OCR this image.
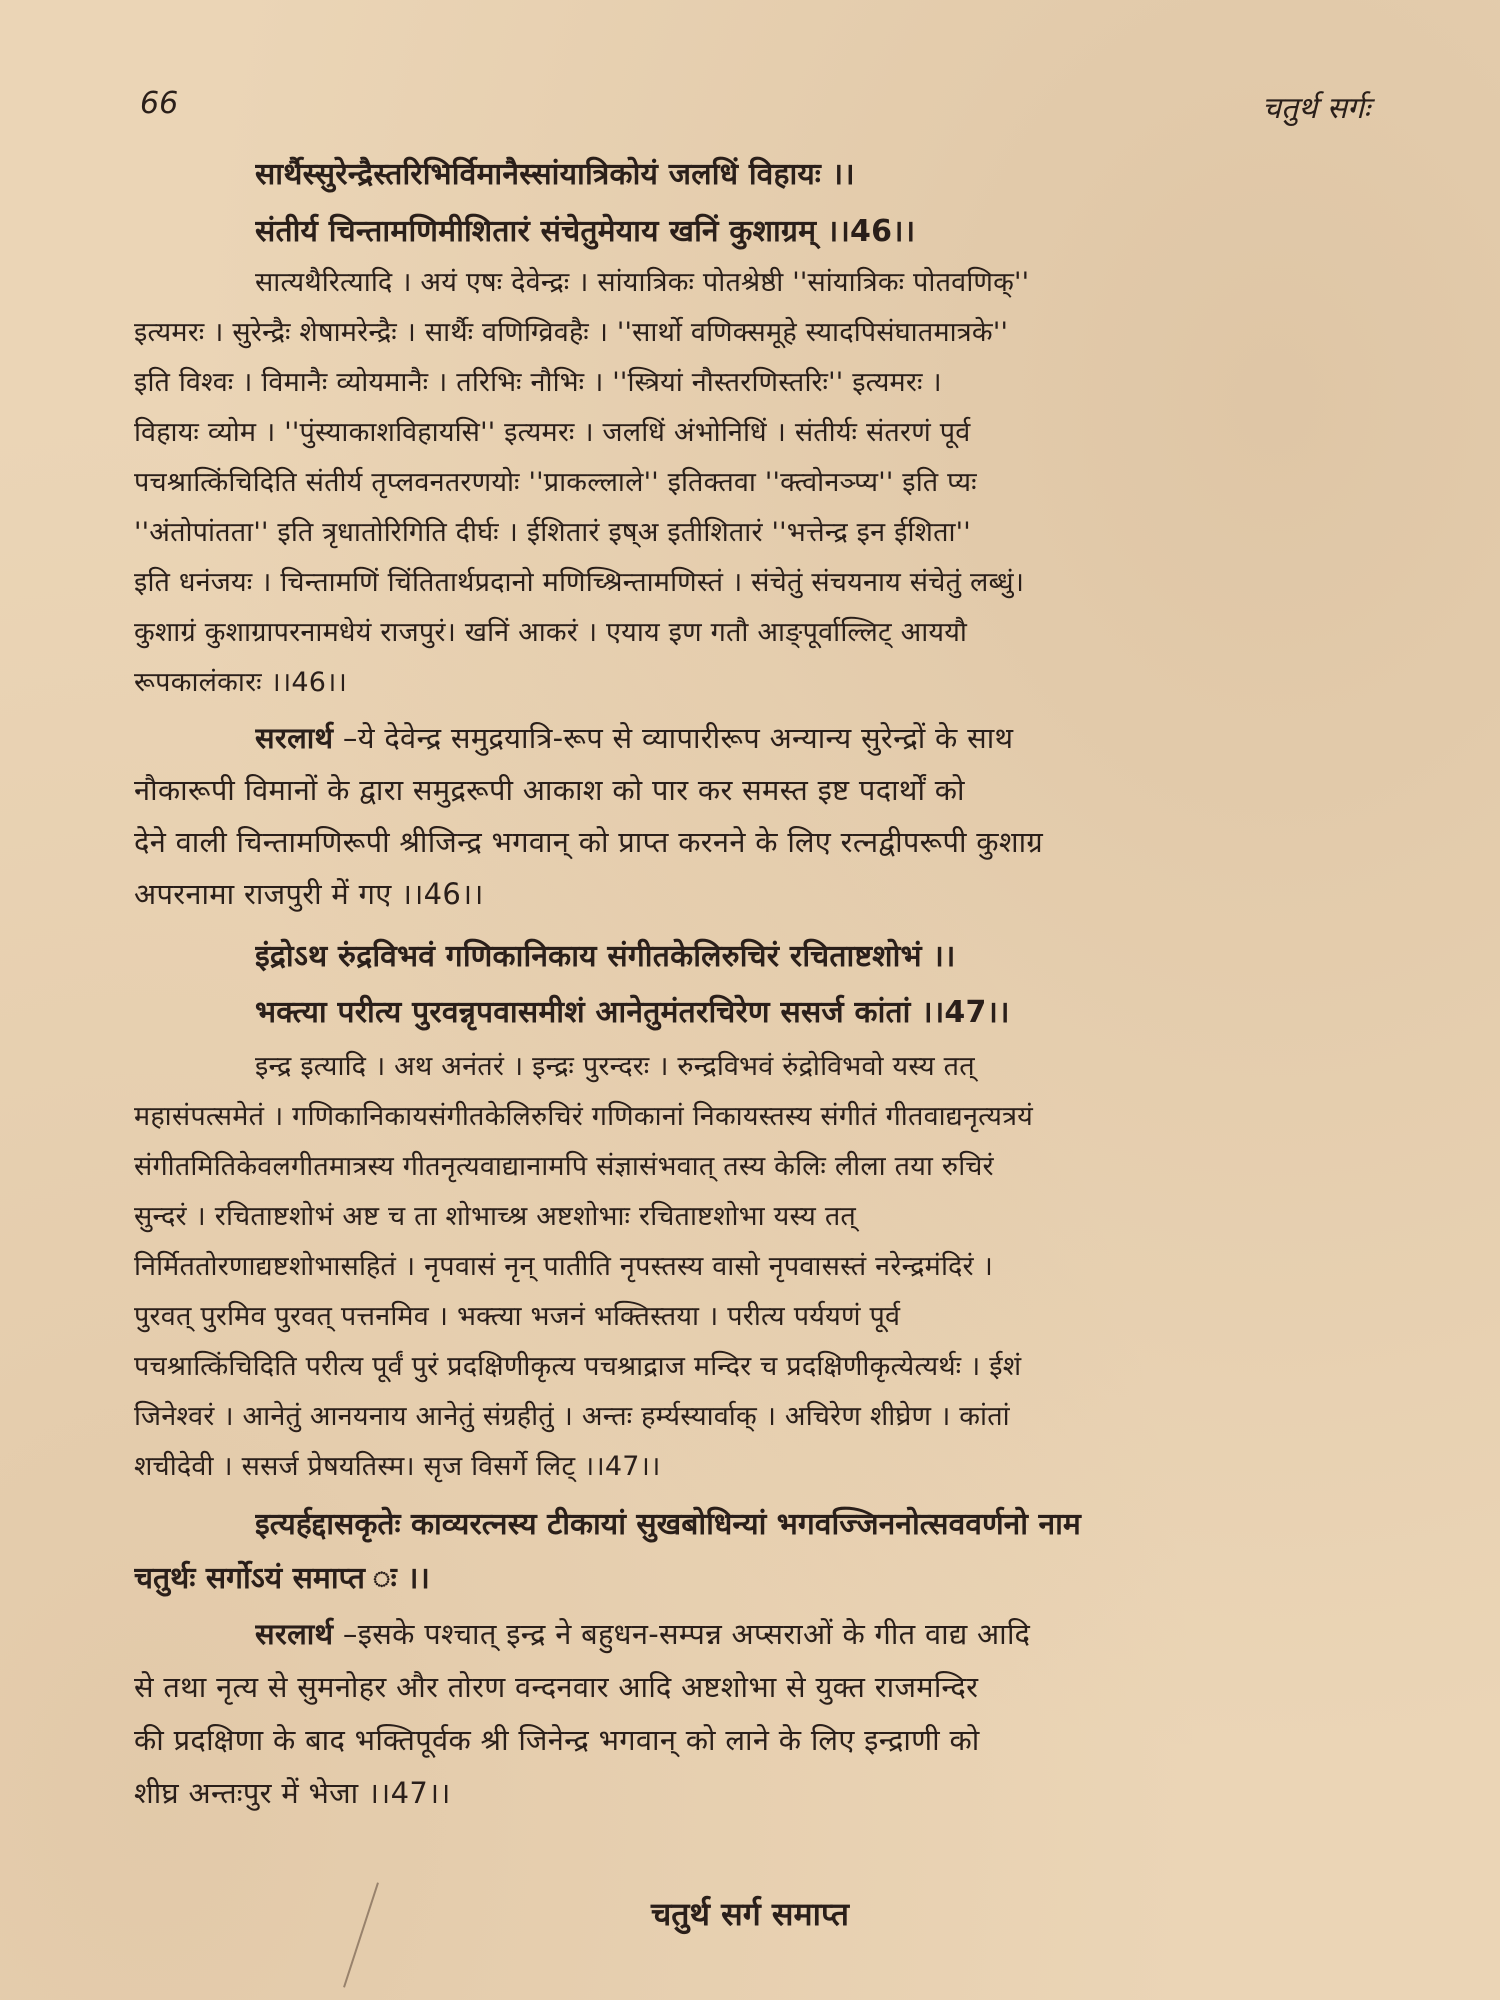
66	चतुर्थ सर्गः
सार्थैस्सुरेन्द्रैस्तरिभिर्विमानैस्सांयात्रिकोयं जलधिं विहायः ।।
संतीर्य चिन्तामणिमीशितारं संचेतुमेयाय खनिं कुशाग्रम् ।।46।।
सात्यथैरित्यादि । अयं एषः देवेन्द्रः । सांयात्रिकः पोतश्रेष्ठी ''सांयात्रिकः पोतवणिक्''
इत्यमरः । सुरेन्द्रैः शेषामरेन्द्रैः । सार्थैः वणिग्व्रिवहैः । ''सार्थो वणिक्समूहे स्यादपिसंघातमात्रके''
इति विश्वः । विमानैः व्योयमानैः । तरिभिः नौभिः । ''स्त्रियां नौस्तरणिस्तरिः'' इत्यमरः ।
विहायः व्योम । ''पुंस्याकाशविहायसि'' इत्यमरः । जलधिं अंभोनिधिं । संतीर्यः संतरणं पूर्व
पचश्रात्किंचिदिति संतीर्य तृप्लवनतरणयोः ''प्राकल्लाले'' इतिक्तवा ''क्त्वोनञ्प्य'' इति प्यः
''अंतोपांतता'' इति त्रृधातोरिगिति दीर्घः । ईशितारं इष्अ इतीशितारं ''भत्तेन्द्र इन ईशिता''
इति धनंजयः । चिन्तामणिं चिंतितार्थप्रदानो मणिच्श्रिन्तामणिस्तं । संचेतुं संचयनाय संचेतुं लब्धुं।
कुशाग्रं कुशाग्रापरनामधेयं राजपुरं। खनिं आकरं । एयाय इण गतौ आङ्पूर्वाल्लिट् आययौ
रूपकालंकारः ।।46।।
सरलार्थ –ये देवेन्द्र समुद्रयात्रि-रूप से व्यापारीरूप अन्यान्य सुरेन्द्रों के साथ
नौकारूपी विमानों के द्वारा समुद्ररूपी आकाश को पार कर समस्त इष्ट पदार्थों को
देने वाली चिन्तामणिरूपी श्रीजिन्द्र भगवान् को प्राप्त करनने के लिए रत्नद्वीपरूपी कुशाग्र
अपरनामा राजपुरी में गए ।।46।।
इंद्रोऽथ रुंद्रविभवं गणिकानिकाय संगीतकेलिरुचिरं रचिताष्टशोभं ।।
भक्त्या परीत्य पुरवन्नृपवासमीशं आनेतुमंतरचिरेण ससर्ज कांतां ।।47।।
इन्द्र इत्यादि । अथ अनंतरं । इन्द्रः पुरन्दरः । रुन्द्रविभवं रुंद्रोविभवो यस्य तत्
महासंपत्समेतं । गणिकानिकायसंगीतकेलिरुचिरं गणिकानां निकायस्तस्य संगीतं गीतवाद्यनृत्यत्रयं
संगीतमितिकेवलगीतमात्रस्य गीतनृत्यवाद्यानामपि संज्ञासंभवात् तस्य केलिः लीला तया रुचिरं
सुन्दरं । रचिताष्टशोभं अष्ट च ता शोभाच्श्र अष्टशोभाः रचिताष्टशोभा यस्य तत्
निर्मिततोरणाद्यष्टशोभासहितं । नृपवासं नृन् पातीति नृपस्तस्य वासो नृपवासस्तं नरेन्द्रमंदिरं ।
पुरवत् पुरमिव पुरवत् पत्तनमिव । भक्त्या भजनं भक्तिस्तया । परीत्य पर्ययणं पूर्व
पचश्रात्किंचिदिति परीत्य पूर्वं पुरं प्रदक्षिणीकृत्य पचश्राद्राज मन्दिर च प्रदक्षिणीकृत्येत्यर्थः । ईशं
जिनेश्वरं । आनेतुं आनयनाय आनेतुं संग्रहीतुं । अन्तः हर्म्यस्यार्वाक् । अचिरेण शीघ्रेण । कांतां
शचीदेवी । ससर्ज प्रेषयतिस्म। सृज विसर्गे लिट् ।।47।।
इत्यर्हद्दासकृतेः काव्यरत्नस्य टीकायां सुखबोधिन्यां भगवज्जिननोत्सववर्णनो नाम
चतुर्थः सर्गोऽयं समाप्त ः ।।
सरलार्थ –इसके पश्चात् इन्द्र ने बहुधन-सम्पन्न अप्सराओं के गीत वाद्य आदि
से तथा नृत्य से सुमनोहर और तोरण वन्दनवार आदि अष्टशोभा से युक्त राजमन्दिर
की प्रदक्षिणा के बाद भक्तिपूर्वक श्री जिनेन्द्र भगवान् को लाने के लिए इन्द्राणी को
शीघ्र अन्तःपुर में भेजा ।।47।।
चतुर्थ सर्ग समाप्त
